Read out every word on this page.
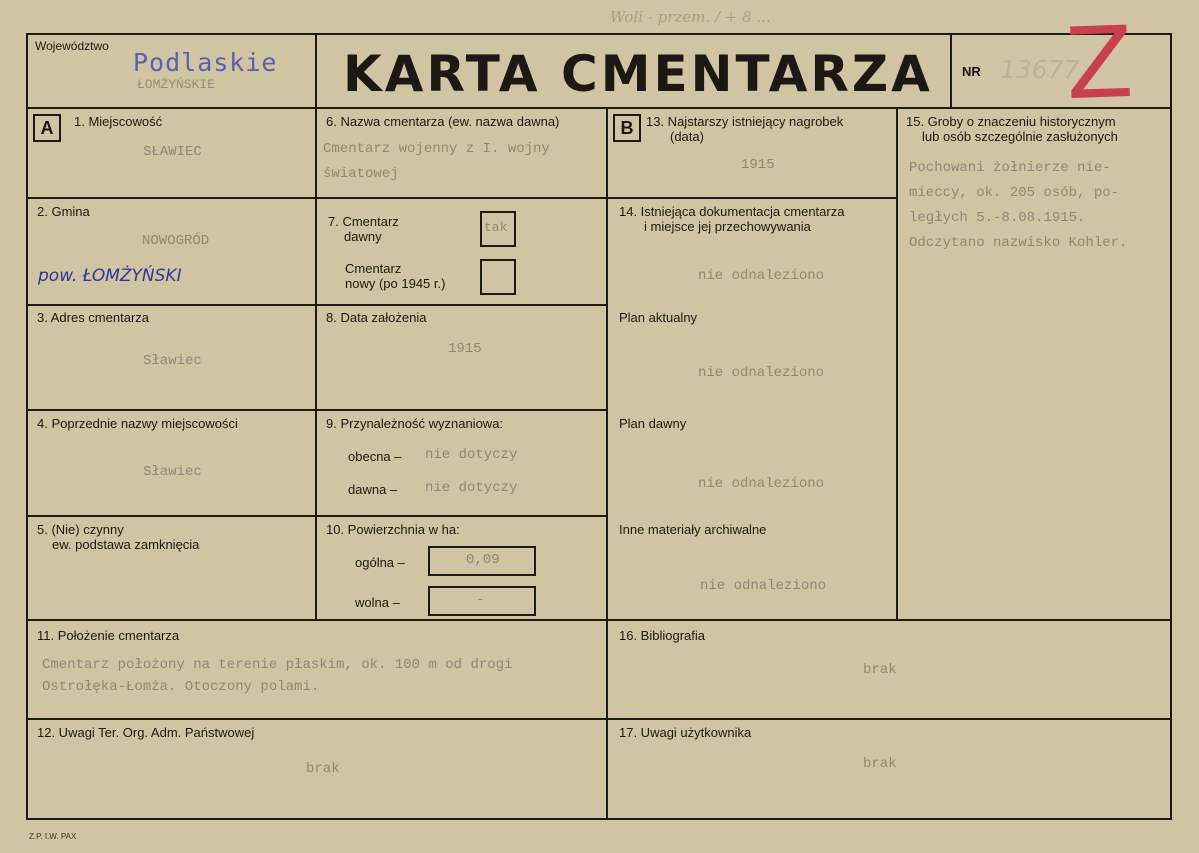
Woli - przem. / + 8 ...
Województwo
Podlaskie
ŁOMŻYŃSKIE	KARTA CMENTARZA NR 13677
Z
A	B
1. Miejscowość
SŁAWIEC
2. Gmina
NOWOGRÓD
pow. ŁOMŻYŃSKI
3. Adres cmentarza
Sławiec
4. Poprzednie nazwy miejscowości
Sławiec
5. (Nie) czynny
ew. podstawa zamknięcia
6. Nazwa cmentarza (ew. nazwa dawna)
Cmentarz wojenny z I. wojny
światowej
7. Cmentarz
dawny
tak
Cmentarz
nowy (po 1945 r.)
8. Data założenia
1915
9. Przynależność wyznaniowa:
obecna – nie dotyczy
dawna – nie dotyczy
10. Powierzchnia w ha:
ogólna –	0,09
wolna –	-
11. Położenie cmentarza
Cmentarz położony na terenie płaskim, ok. 100 m od drogi
Ostrołęka-Łomża. Otoczony polami.
12. Uwagi Ter. Org. Adm. Państwowej
brak
13. Najstarszy istniejący nagrobek
(data)
1915
14. Istniejąca dokumentacja cmentarza
i miejsce jej przechowywania
nie odnaleziono
Plan aktualny
nie odnaleziono
Plan dawny
nie odnaleziono
Inne materiały archiwalne
nie odnaleziono
15. Groby o znaczeniu historycznym
lub osób szczególnie zasłużonych
Pochowani żołnierze nie-
mieccy, ok. 205 osób, po-
ległych 5.-8.08.1915.
Odczytano nazwisko Kohler.
16. Bibliografia
brak
17. Uwagi użytkownika
brak
Z.P. I.W. PAX
